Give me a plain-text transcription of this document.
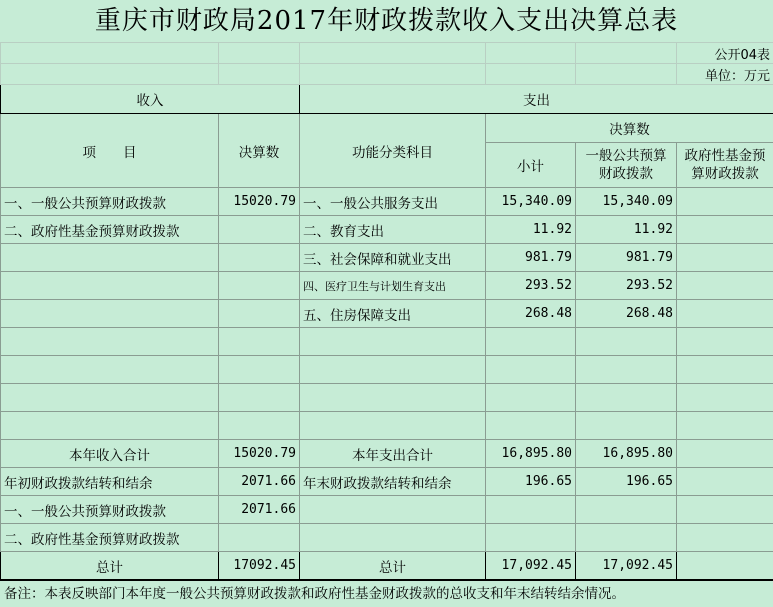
重庆市财政局2017年财政拨款收入支出决算总表
					公开04表
					单位：万元
收入		支出			
项　　目	决算数	功能分类科目	决算数		
			小计	一般公共预算财政拨款	政府性基金预算财政拨款
一、一般公共预算财政拨款	15020.79	一、一般公共服务支出	15,340.09	15,340.09	
二、政府性基金预算财政拨款		二、教育支出	11.92	11.92	
		三、社会保障和就业支出	981.79	981.79	
		四、医疗卫生与计划生育支出	293.52	293.52	
		五、住房保障支出	268.48	268.48	

本年收入合计	15020.79	本年支出合计	16,895.80	16,895.80	
年初财政拨款结转和结余	2071.66	年末财政拨款结转和结余	196.65	196.65	
一、一般公共预算财政拨款	2071.66				
二、政府性基金预算财政拨款					
总计	17092.45	总计	17,092.45	17,092.45	
备注：本表反映部门本年度一般公共预算财政拨款和政府性基金财政拨款的总收支和年末结转结余情况。
